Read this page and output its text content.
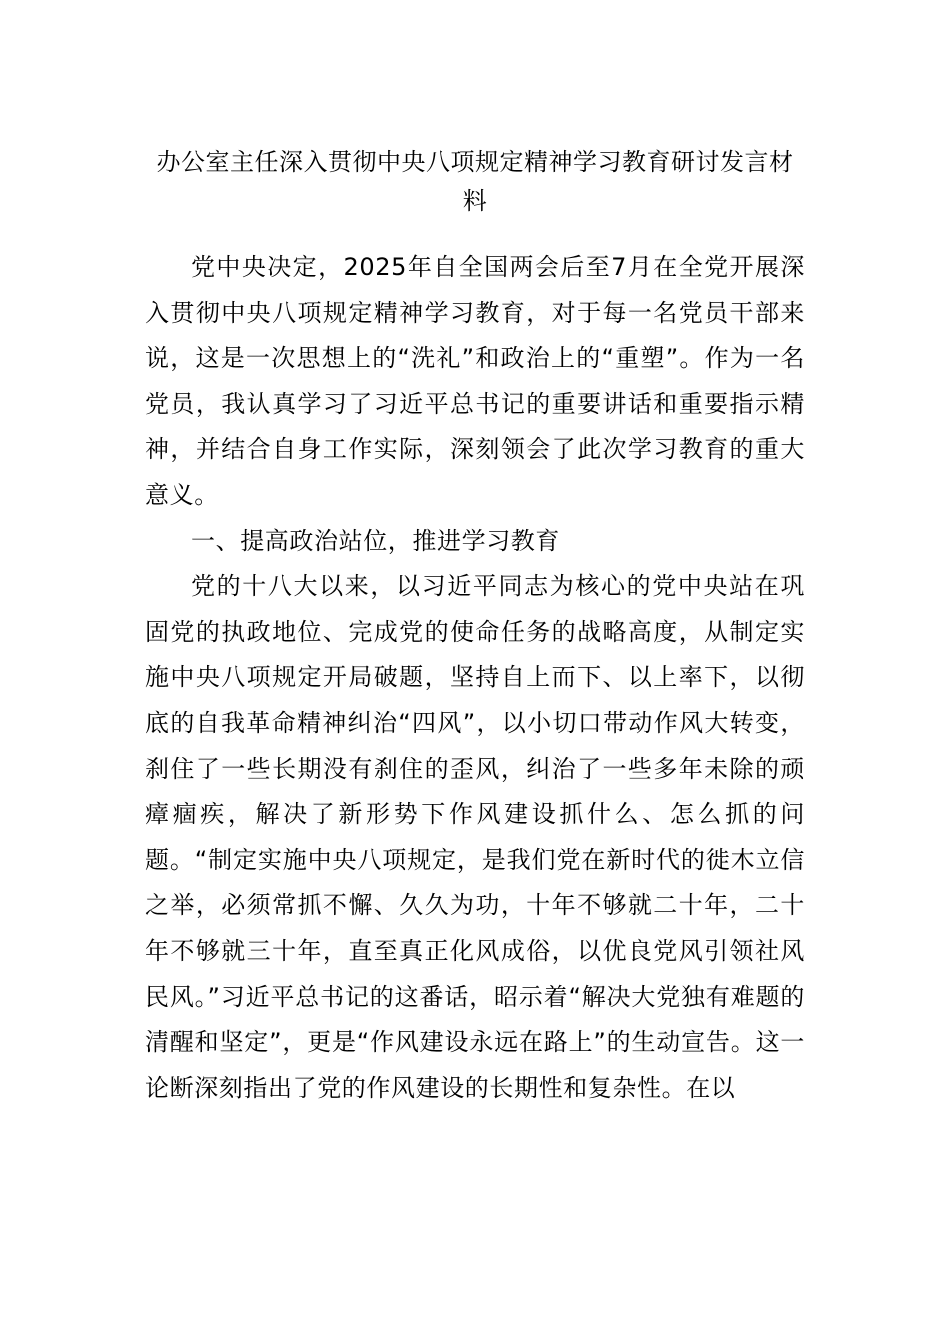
办公室主任深入贯彻中央八项规定精神学习教育研讨发言材料

党中央决定，2025年自全国两会后至7月在全党开展深入贯彻中央八项规定精神学习教育，对于每一名党员干部来说，这是一次思想上的“洗礼”和政治上的“重塑”。作为一名党员，我认真学习了习近平总书记的重要讲话和重要指示精神，并结合自身工作实际，深刻领会了此次学习教育的重大意义。

一、提高政治站位，推进学习教育

党的十八大以来，以习近平同志为核心的党中央站在巩固党的执政地位、完成党的使命任务的战略高度，从制定实施中央八项规定开局破题，坚持自上而下、以上率下，以彻底的自我革命精神纠治“四风”，以小切口带动作风大转变，刹住了一些长期没有刹住的歪风，纠治了一些多年未除的顽瘴痼疾，解决了新形势下作风建设抓什么、怎么抓的问题。“制定实施中央八项规定，是我们党在新时代的徙木立信之举，必须常抓不懈、久久为功，十年不够就二十年，二十年不够就三十年，直至真正化风成俗，以优良党风引领社风民风。”习近平总书记的这番话，昭示着“解决大党独有难题的清醒和坚定”，更是“作风建设永远在路上”的生动宣告。这一论断深刻指出了党的作风建设的长期性和复杂性。在以
